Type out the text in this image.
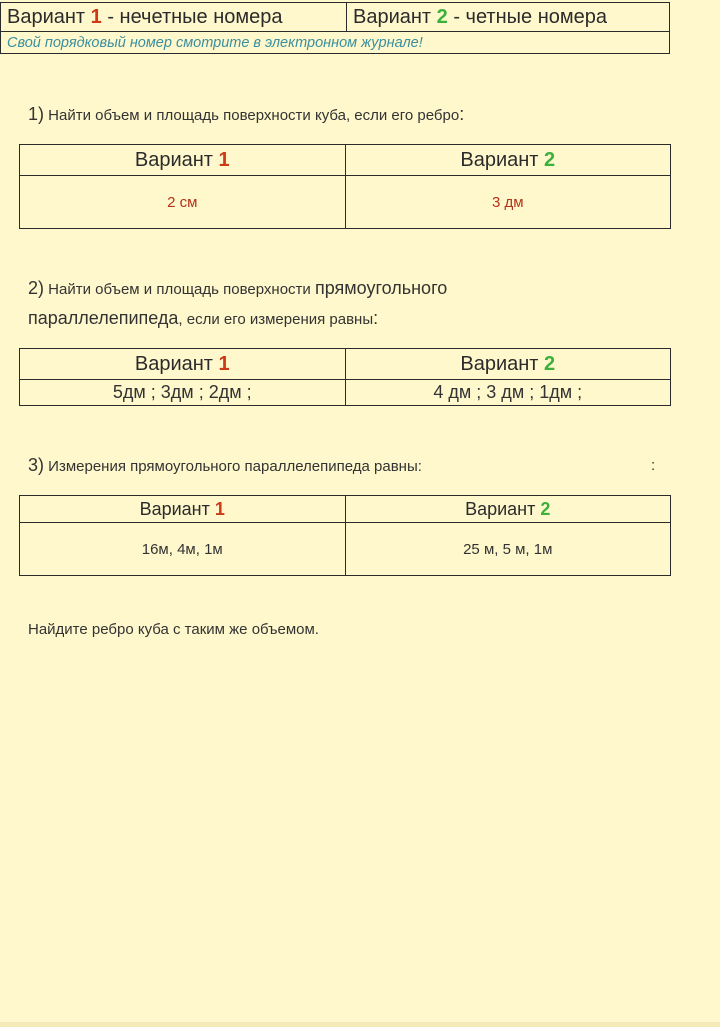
Вариант 1 - нечетные номера	Вариант 2 - четные номера
Свой порядковый номер смотрите в электронном журнале!
1) Найти объем и площадь поверхности куба, если его ребро:
Вариант 1	Вариант 2
2 см	3 дм
2) Найти объем и площадь поверхности прямоугольного
параллелепипеда, если его измерения равны:
Вариант 1	Вариант 2
5дм ; 3дм ; 2дм ;	4 дм ; 3 дм ; 1дм ;
3) Измерения прямоугольного параллелепипеда равны:	:
Вариант 1	Вариант 2
16м, 4м, 1м	25 м, 5 м, 1м
Найдите ребро куба с таким же объемом.
